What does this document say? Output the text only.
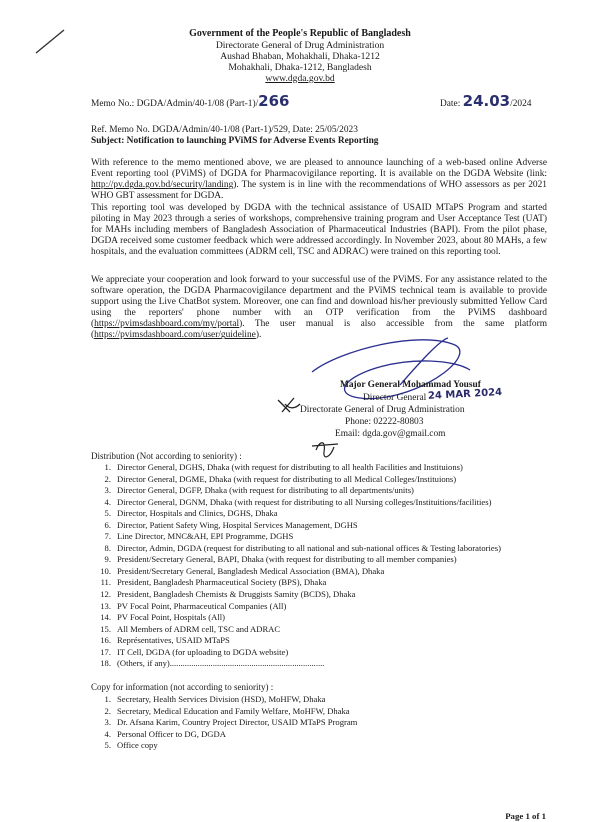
Government of the People's Republic of Bangladesh
Directorate General of Drug Administration
Aushad Bhaban, Mohakhali, Dhaka-1212
Mohakhali, Dhaka-1212, Bangladesh
www.dgda.gov.bd
Memo No.: DGDA/Admin/40-1/08 (Part-1)/266	Date: 24.03/2024
Ref. Memo No. DGDA/Admin/40-1/08 (Part-1)/529, Date: 25/05/2023
Subject: Notification to launching PViMS for Adverse Events Reporting
With reference to the memo mentioned above, we are pleased to announce launching of a web-based online Adverse Event reporting tool (PViMS) of DGDA for Pharmacovigilance reporting. It is available on the DGDA Website (link: http://pv.dgda.gov.bd/security/landing). The system is in line with the recommendations of WHO assessors as per 2021 WHO GBT assessment for DGDA.
This reporting tool was developed by DGDA with the technical assistance of USAID MTaPS Program and started piloting in May 2023 through a series of workshops, comprehensive training program and User Acceptance Test (UAT) for MAHs including members of Bangladesh Association of Pharmaceutical Industries (BAPI). From the pilot phase, DGDA received some customer feedback which were addressed accordingly. In November 2023, about 80 MAHs, a few hospitals, and the evaluation committees (ADRM cell, TSC and ADRAC) were trained on this reporting tool.
We appreciate your cooperation and look forward to your successful use of the PViMS. For any assistance related to the software operation, the DGDA Pharmacovigilance department and the PViMS technical team is available to provide support using the Live ChatBot system. Moreover, one can find and download his/her previously submitted Yellow Card using the reporters' phone number with an OTP verification from the PViMS dashboard (https://pvimsdashboard.com/my/portal). The user manual is also accessible from the same platform (https://pvimsdashboard.com/user/guideline).
Major General Mohammad Yousuf
Director General
Directorate General of Drug Administration
Phone: 02222-80803
Email: dgda.gov@gmail.com
24 MAR 2024
Distribution (Not according to seniority) :
1. Director General, DGHS, Dhaka (with request for distributing to all health Facilities and Instituions)
2. Director General, DGME, Dhaka (with request for distributing to all Medical Colleges/Instituions)
3. Director General, DGFP, Dhaka (with request for distributing to all departments/units)
4. Director General, DGNM, Dhaka (with request for distributing to all Nursing colleges/Instituitions/facilities)
5. Director, Hospitals and Clinics, DGHS, Dhaka
6. Director, Patient Safety Wing, Hospital Services Management, DGHS
7. Line Director, MNC&AH, EPI Programme, DGHS
8. Director, Admin, DGDA (request for distributing to all national and sub-national offices & Testing laboratories)
9. President/Secretary General, BAPI, Dhaka (with request for distributing to all member companies)
10. President/Secretary General, Bangladesh Medical Association (BMA), Dhaka
11. President, Bangladesh Pharmaceutical Society (BPS), Dhaka
12. President, Bangladesh Chemists & Druggists Samity (BCDS), Dhaka
13. PV Focal Point, Pharmaceutical Companies (All)
14. PV Focal Point, Hospitals (All)
15. All Members of ADRM cell, TSC and ADRAC
16. Représentatives, USAID MTaPS
17. IT Cell, DGDA (for uploading to DGDA website)
18. (Others, if any)........................................................................
Copy for information (not according to seniority) :
1. Secretary, Health Services Division (HSD), MoHFW, Dhaka
2. Secretary, Medical Education and Family Welfare, MoHFW, Dhaka
3. Dr. Afsana Karim, Country Project Director, USAID MTaPS Program
4. Personal Officer to DG, DGDA
5. Office copy
Page 1 of 1
